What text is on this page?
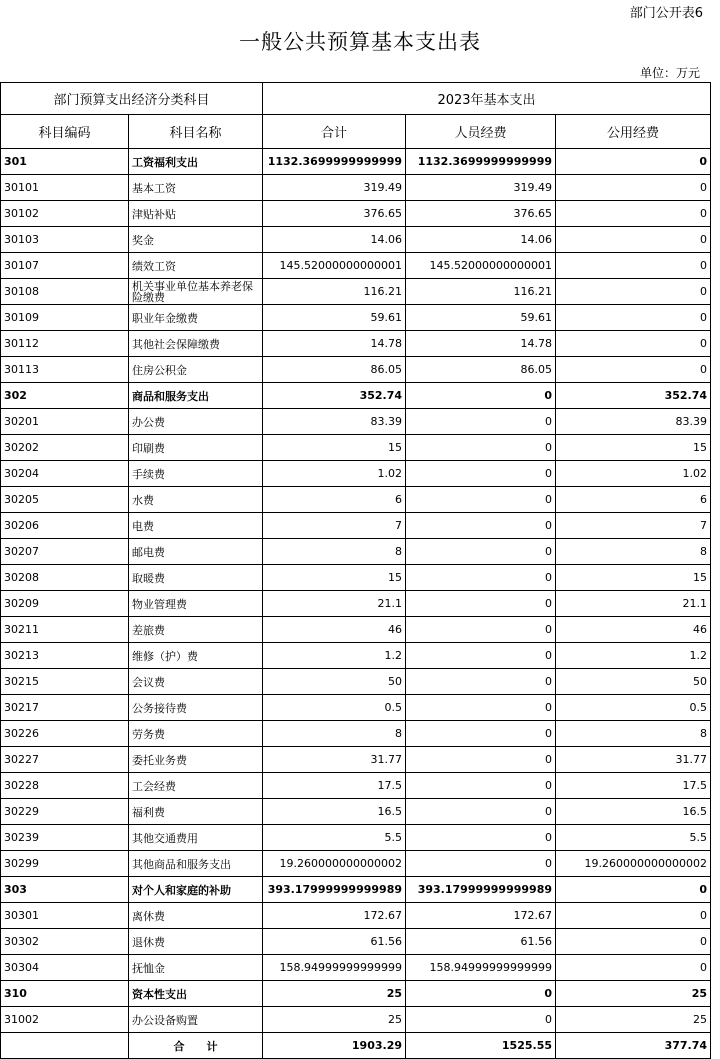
部门公开表6
一般公共预算基本支出表
单位：万元
部门预算支出经济分类科目		2023年基本支出		
科目编码	科目名称	合计	人员经费	公用经费
301	工资福利支出	1132.3699999999999	1132.3699999999999	0
30101	基本工资	319.49	319.49	0
30102	津贴补贴	376.65	376.65	0
30103	奖金	14.06	14.06	0
30107	绩效工资	145.52000000000001	145.52000000000001	0
30108	机关事业单位基本养老保险缴费	116.21	116.21	0
30109	职业年金缴费	59.61	59.61	0
30112	其他社会保障缴费	14.78	14.78	0
30113	住房公积金	86.05	86.05	0
302	商品和服务支出	352.74	0	352.74
30201	办公费	83.39	0	83.39
30202	印刷费	15	0	15
30204	手续费	1.02	0	1.02
30205	水费	6	0	6
30206	电费	7	0	7
30207	邮电费	8	0	8
30208	取暖费	15	0	15
30209	物业管理费	21.1	0	21.1
30211	差旅费	46	0	46
30213	维修（护）费	1.2	0	1.2
30215	会议费	50	0	50
30217	公务接待费	0.5	0	0.5
30226	劳务费	8	0	8
30227	委托业务费	31.77	0	31.77
30228	工会经费	17.5	0	17.5
30229	福利费	16.5	0	16.5
30239	其他交通费用	5.5	0	5.5
30299	其他商品和服务支出	19.260000000000002	0	19.260000000000002
303	对个人和家庭的补助	393.17999999999989	393.17999999999989	0
30301	离休费	172.67	172.67	0
30302	退休费	61.56	61.56	0
30304	抚恤金	158.94999999999999	158.94999999999999	0
310	资本性支出	25	0	25
31002	办公设备购置	25	0	25
	合　　计	1903.29	1525.55	377.74
